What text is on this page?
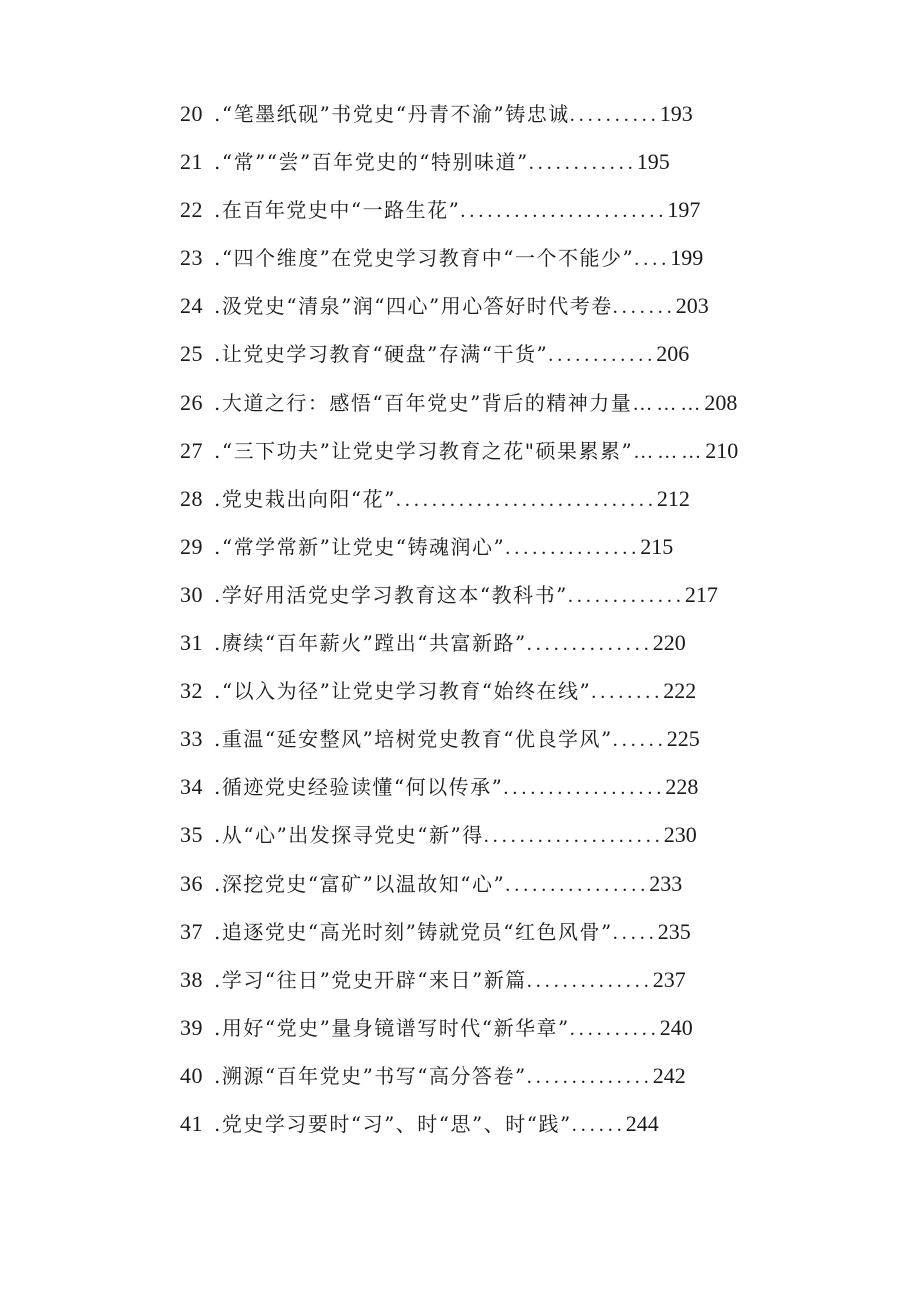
20 .“笔墨纸砚”书党史“丹青不渝”铸忠诚..........193
21 .“常”“尝”百年党史的“特别味道”............195
22 .在百年党史中“一路生花”.......................197
23 .“四个维度”在党史学习教育中“一个不能少”....199
24 .汲党史“清泉”润“四心”用心答好时代考卷.......203
25 .让党史学习教育“硬盘”存满“干货”............206
26 .大道之行：感悟“百年党史”背后的精神力量………208
27 .“三下功夫”让党史学习教育之花"硕果累累”………210
28 .党史栽出向阳“花”.............................212
29 .“常学常新”让党史“铸魂润心”...............215
30 .学好用活党史学习教育这本“教科书”.............217
31 .赓续“百年薪火”蹚出“共富新路”..............220
32 .“以入为径”让党史学习教育“始终在线”........222
33 .重温“延安整风”培树党史教育“优良学风”......225
34 .循迹党史经验读懂“何以传承”..................228
35 .从“心”出发探寻党史“新”得....................230
36 .深挖党史“富矿”以温故知“心”................233
37 .追逐党史“高光时刻”铸就党员“红色风骨”.....235
38 .学习“往日”党史开辟“来日”新篇..............237
39 .用好“党史”量身镜谱写时代“新华章”..........240
40 .溯源“百年党史”书写“高分答卷”..............242
41 .党史学习要时“习”、时“思”、时“践”......244
